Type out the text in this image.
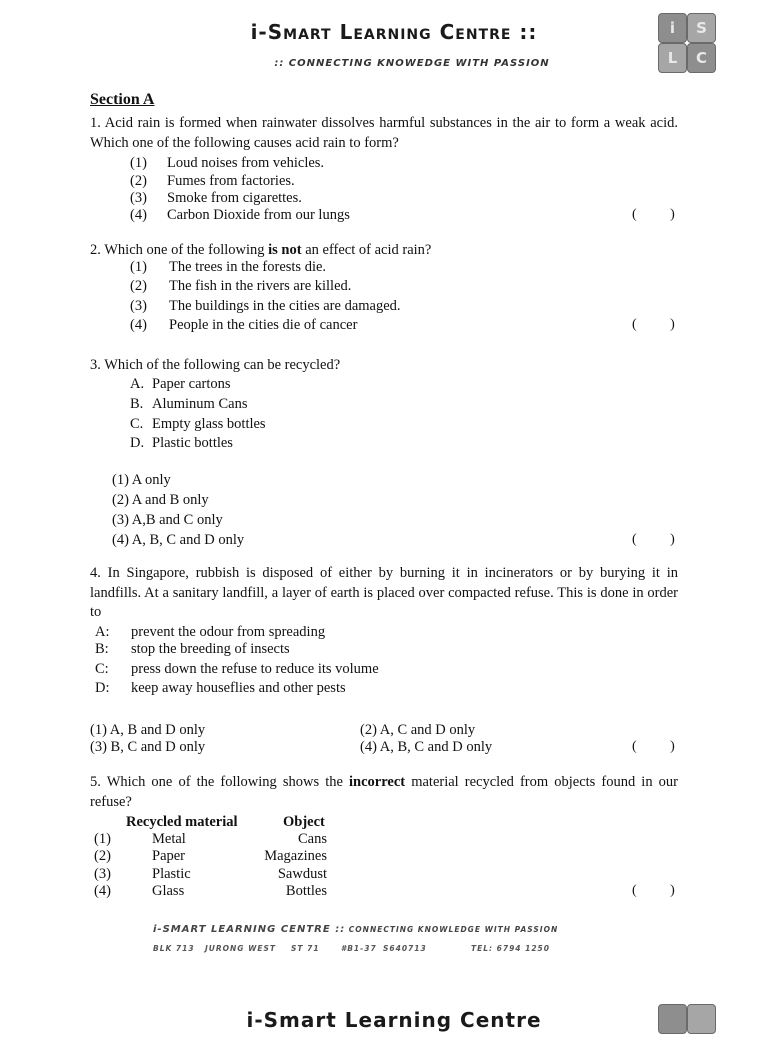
i-Smart Learning Centre ::
:: CONNECTING KNOWEDGE WITH PASSION
i	S
L	C
Section A
1. Acid rain is formed when rainwater dissolves harmful substances in the air to form a weak acid. Which one of the following causes acid rain to form?
(1) Loud noises from vehicles.
(2) Fumes from factories.
(3) Smoke from cigarettes.
(4) Carbon Dioxide from our lungs	( )
2. Which one of the following is not an effect of acid rain?
(1) The trees in the forests die.
(2) The fish in the rivers are killed.
(3) The buildings in the cities are damaged.
(4) People in the cities die of cancer	( )
3. Which of the following can be recycled?
A. Paper cartons
B. Aluminum Cans
C. Empty glass bottles
D. Plastic bottles
(1) A only
(2) A and B only
(3) A,B and C only
(4) A, B, C and D only	( )
4. In Singapore, rubbish is disposed of either by burning it in incinerators or by burying it in landfills. At a sanitary landfill, a layer of earth is placed over compacted refuse. This is done in order to
A: prevent the odour from spreading
B: stop the breeding of insects
C: press down the refuse to reduce its volume
D: keep away houseflies and other pests
(1) A, B and D only	(2) A, C and D only
(3) B, C and D only	(4) A, B, C and D only	( )
5. Which one of the following shows the incorrect material recycled from objects found in our refuse?
Recycled material	Object
(1)	Metal	Cans
(2)	Paper	Magazines
(3)	Plastic	Sawdust
(4)	Glass	Bottles	( )
i-SMART LEARNING CENTRE :: CONNECTING KNOWLEDGE WITH PASSION
BLK 713 JURONG WEST ST 71	#B1-37 S640713	TEL: 6794 1250
i-Smart Learning Centre
